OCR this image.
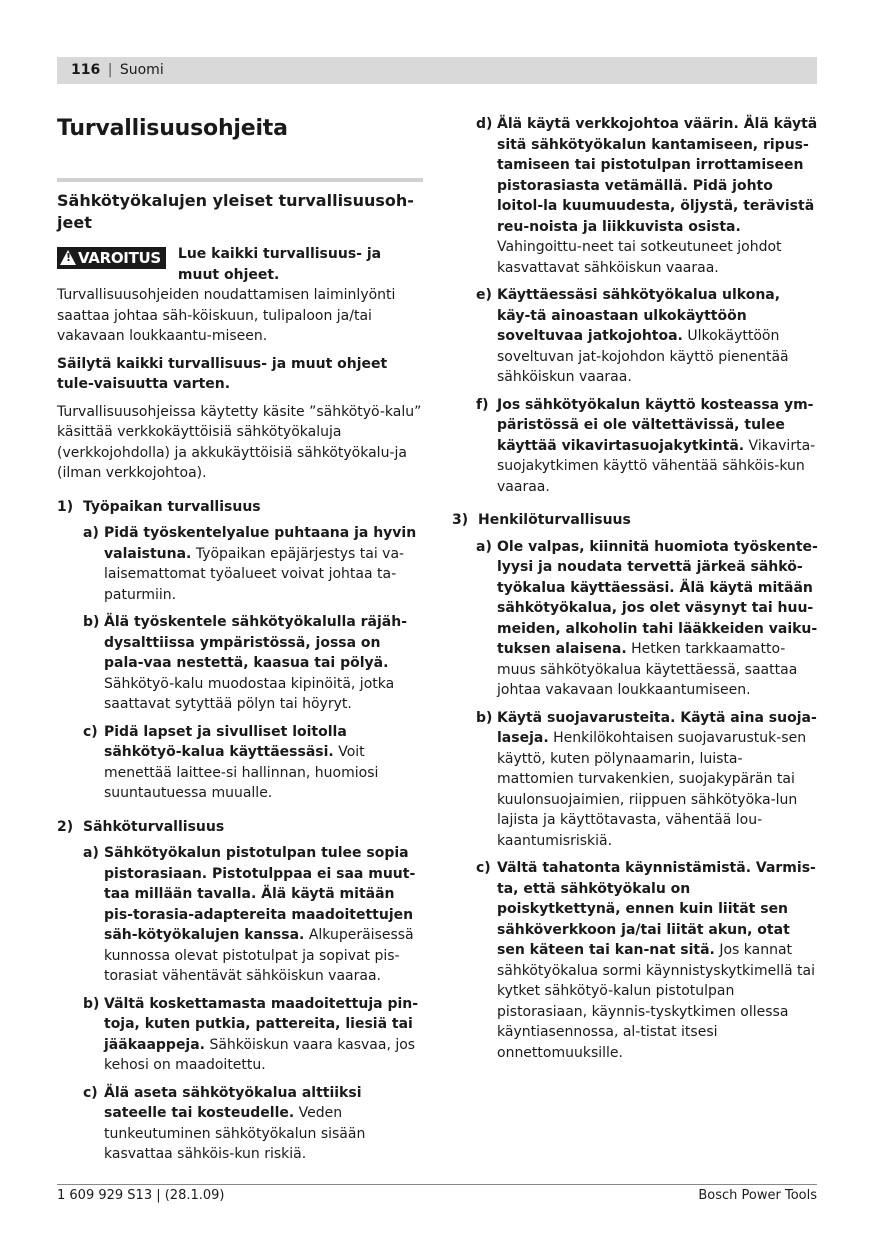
116 | Suomi
Turvallisuusohjeita
Sähkötyökalujen yleiset turvallisuusoh-jeet

!VAROITUS	Lue kaikki turvallisuus- ja muut ohjeet. Turvallisuusohjeiden noudattamisen laiminlyönti saattaa johtaa säh-köiskuun, tulipaloon ja/tai vakavaan loukkaantu-miseen.

Säilytä kaikki turvallisuus- ja muut ohjeet tule-vaisuutta varten.

Turvallisuusohjeissa käytetty käsite ”sähkötyö-kalu” käsittää verkkokäyttöisiä sähkötyökaluja (verkkojohdolla) ja akkukäyttöisiä sähkötyökalu-ja (ilman verkkojohtoa).

1) Työpaikan turvallisuus
a) Pidä työskentelyalue puhtaana ja hyvin valaistuna. Työpaikan epäjärjestys tai va-laisemattomat työalueet voivat johtaa ta-paturmiin.
b) Älä työskentele sähkötyökalulla räjäh-dysalttiissa ympäristössä, jossa on pala-vaa nestettä, kaasua tai pölyä. Sähkötyö-kalu muodostaa kipinöitä, jotka saattavat sytyttää pölyn tai höyryt.
c) Pidä lapset ja sivulliset loitolla sähkötyö-kalua käyttäessäsi. Voit menettää laittee-si hallinnan, huomiosi suuntautuessa muualle.
2) Sähköturvallisuus
a) Sähkötyökalun pistotulpan tulee sopia pistorasiaan. Pistotulppaa ei saa muut-taa millään tavalla. Älä käytä mitään pis-torasia-adaptereita maadoitettujen säh-kötyökalujen kanssa. Alkuperäisessä kunnossa olevat pistotulpat ja sopivat pis-torasiat vähentävät sähköiskun vaaraa.
b) Vältä koskettamasta maadoitettuja pin-toja, kuten putkia, pattereita, liesiä tai jääkaappeja. Sähköiskun vaara kasvaa, jos kehosi on maadoitettu.
c) Älä aseta sähkötyökalua alttiiksi sateelle tai kosteudelle. Veden tunkeutuminen sähkötyökalun sisään kasvattaa sähköis-kun riskiä.
d) Älä käytä verkkojohtoa väärin. Älä käytä sitä sähkötyökalun kantamiseen, ripus-tamiseen tai pistotulpan irrottamiseen pistorasiasta vetämällä. Pidä johto loitol-la kuumuudesta, öljystä, terävistä reu-noista ja liikkuvista osista. Vahingoittu-neet tai sotkeutuneet johdot kasvattavat sähköiskun vaaraa.
e) Käyttäessäsi sähkötyökalua ulkona, käy-tä ainoastaan ulkokäyttöön soveltuvaa jatkojohtoa. Ulkokäyttöön soveltuvan jat-kojohdon käyttö pienentää sähköiskun vaaraa.
f) Jos sähkötyökalun käyttö kosteassa ym-päristössä ei ole vältettävissä, tulee käyttää vikavirtasuojakytkintä. Vikavirta-suojakytkimen käyttö vähentää sähköis-kun vaaraa.
3) Henkilöturvallisuus
a) Ole valpas, kiinnitä huomiota työskente-lyysi ja noudata tervettä järkeä sähkö-työkalua käyttäessäsi. Älä käytä mitään sähkötyökalua, jos olet väsynyt tai huu-meiden, alkoholin tahi lääkkeiden vaiku-tuksen alaisena. Hetken tarkkaamatto-muus sähkötyökalua käytettäessä, saattaa johtaa vakavaan loukkaantumiseen.
b) Käytä suojavarusteita. Käytä aina suoja-laseja. Henkilökohtaisen suojavarustuk-sen käyttö, kuten pölynaamarin, luista-mattomien turvakenkien, suojakypärän tai kuulonsuojaimien, riippuen sähkötyöka-lun lajista ja käyttötavasta, vähentää lou-kaantumisriskiä.
c) Vältä tahatonta käynnistämistä. Varmis-ta, että sähkötyökalu on poiskytkettynä, ennen kuin liität sen sähköverkkoon ja/tai liität akun, otat sen käteen tai kan-nat sitä. Jos kannat sähkötyökalua sormi käynnistyskytkimellä tai kytket sähkötyö-kalun pistotulpan pistorasiaan, käynnis-tyskytkimen ollessa käyntiasennossa, al-tistat itsesi onnettomuuksille.
1 609 929 S13 | (28.1.09)	Bosch Power Tools
